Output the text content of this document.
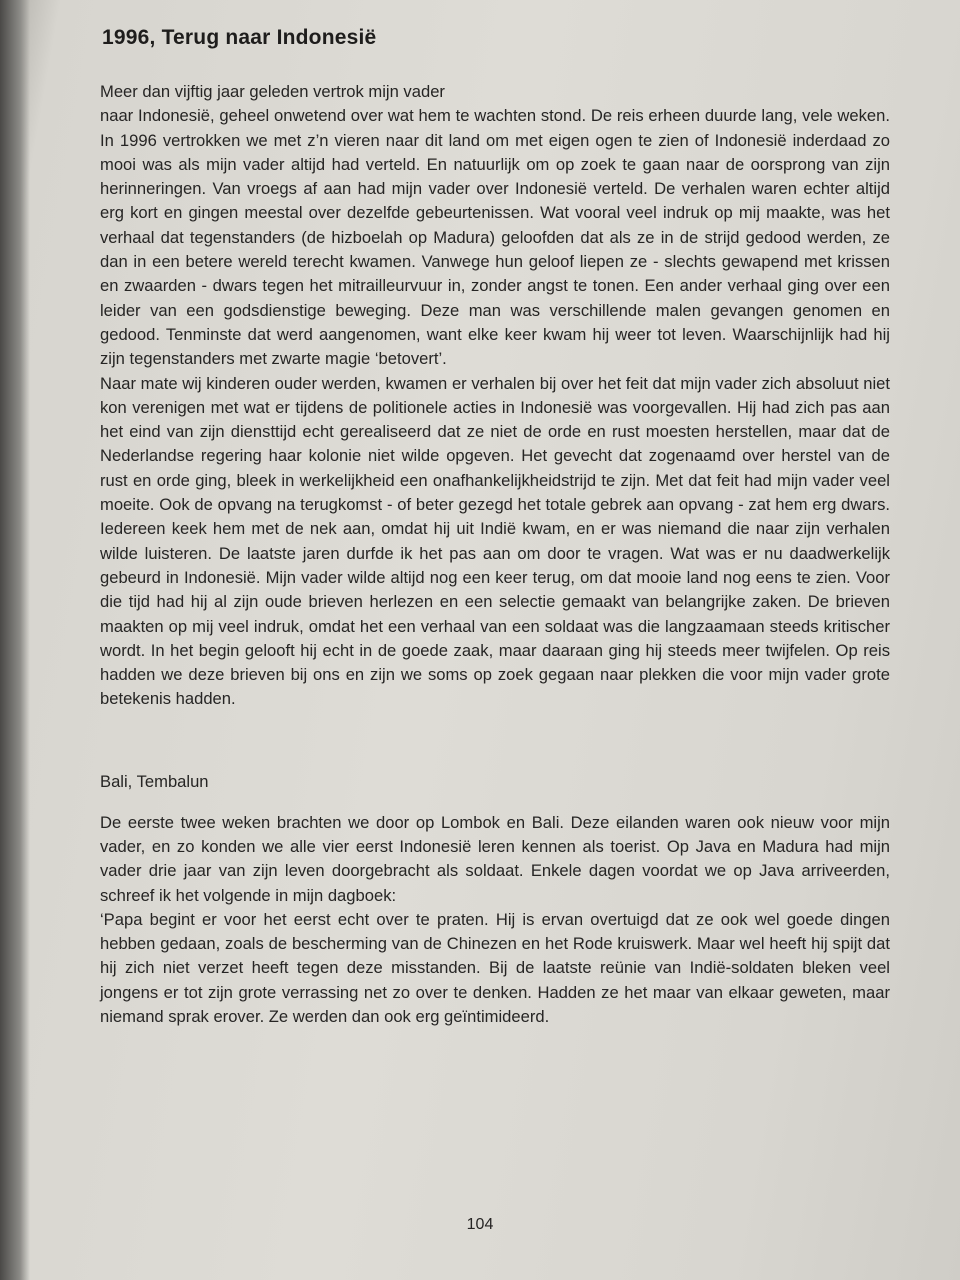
1996, Terug naar Indonesië

Meer dan vijftig jaar geleden vertrok mijn vader

naar Indonesië, geheel onwetend over wat hem te wachten stond. De reis erheen duurde lang, vele weken. In 1996 vertrokken we met z’n vieren naar dit land om met eigen ogen te zien of Indonesië inderdaad zo mooi was als mijn vader altijd had verteld. En natuurlijk om op zoek te gaan naar de oorsprong van zijn herinneringen. Van vroegs af aan had mijn vader over Indonesië verteld. De verhalen waren echter altijd erg kort en gingen meestal over dezelfde gebeurtenissen. Wat vooral veel indruk op mij maakte, was het verhaal dat tegenstanders (de hizboelah op Madura) geloofden dat als ze in de strijd gedood werden, ze dan in een betere wereld terecht kwamen. Vanwege hun geloof liepen ze - slechts gewapend met krissen en zwaarden - dwars tegen het mitrailleurvuur in, zonder angst te tonen. Een ander verhaal ging over een leider van een godsdienstige beweging. Deze man was verschillende malen gevangen genomen en gedood. Tenminste dat werd aangenomen, want elke keer kwam hij weer tot leven. Waarschijnlijk had hij zijn tegenstanders met zwarte magie ‘betovert’.

Naar mate wij kinderen ouder werden, kwamen er verhalen bij over het feit dat mijn vader zich absoluut niet kon verenigen met wat er tijdens de politionele acties in Indonesië was voorgevallen. Hij had zich pas aan het eind van zijn diensttijd echt gerealiseerd dat ze niet de orde en rust moesten herstellen, maar dat de Nederlandse regering haar kolonie niet wilde opgeven. Het gevecht dat zogenaamd over herstel van de rust en orde ging, bleek in werkelijkheid een onafhankelijkheidstrijd te zijn. Met dat feit had mijn vader veel moeite. Ook de opvang na terugkomst - of beter gezegd het totale gebrek aan opvang - zat hem erg dwars. Iedereen keek hem met de nek aan, omdat hij uit Indië kwam, en er was niemand die naar zijn verhalen wilde luisteren. De laatste jaren durfde ik het pas aan om door te vragen. Wat was er nu daadwerkelijk gebeurd in Indonesië. Mijn vader wilde altijd nog een keer terug, om dat mooie land nog eens te zien. Voor die tijd had hij al zijn oude brieven herlezen en een selectie gemaakt van belangrijke zaken. De brieven maakten op mij veel indruk, omdat het een verhaal van een soldaat was die langzaamaan steeds kritischer wordt. In het begin gelooft hij echt in de goede zaak, maar daaraan ging hij steeds meer twijfelen. Op reis hadden we deze brieven bij ons en zijn we soms op zoek gegaan naar plekken die voor mijn vader grote betekenis hadden.

Bali, Tembalun

De eerste twee weken brachten we door op Lombok en Bali. Deze eilanden waren ook nieuw voor mijn vader, en zo konden we alle vier eerst Indonesië leren kennen als toerist. Op Java en Madura had mijn vader drie jaar van zijn leven doorgebracht als soldaat. Enkele dagen voordat we op Java arriveerden, schreef ik het volgende in mijn dagboek:

‘Papa begint er voor het eerst echt over te praten. Hij is ervan overtuigd dat ze ook wel goede dingen hebben gedaan, zoals de bescherming van de Chinezen en het Rode kruiswerk. Maar wel heeft hij spijt dat hij zich niet verzet heeft tegen deze misstanden. Bij de laatste reünie van Indië-soldaten bleken veel jongens er tot zijn grote verrassing net zo over te denken. Hadden ze het maar van elkaar geweten, maar niemand sprak erover. Ze werden dan ook erg geïntimideerd.

104
